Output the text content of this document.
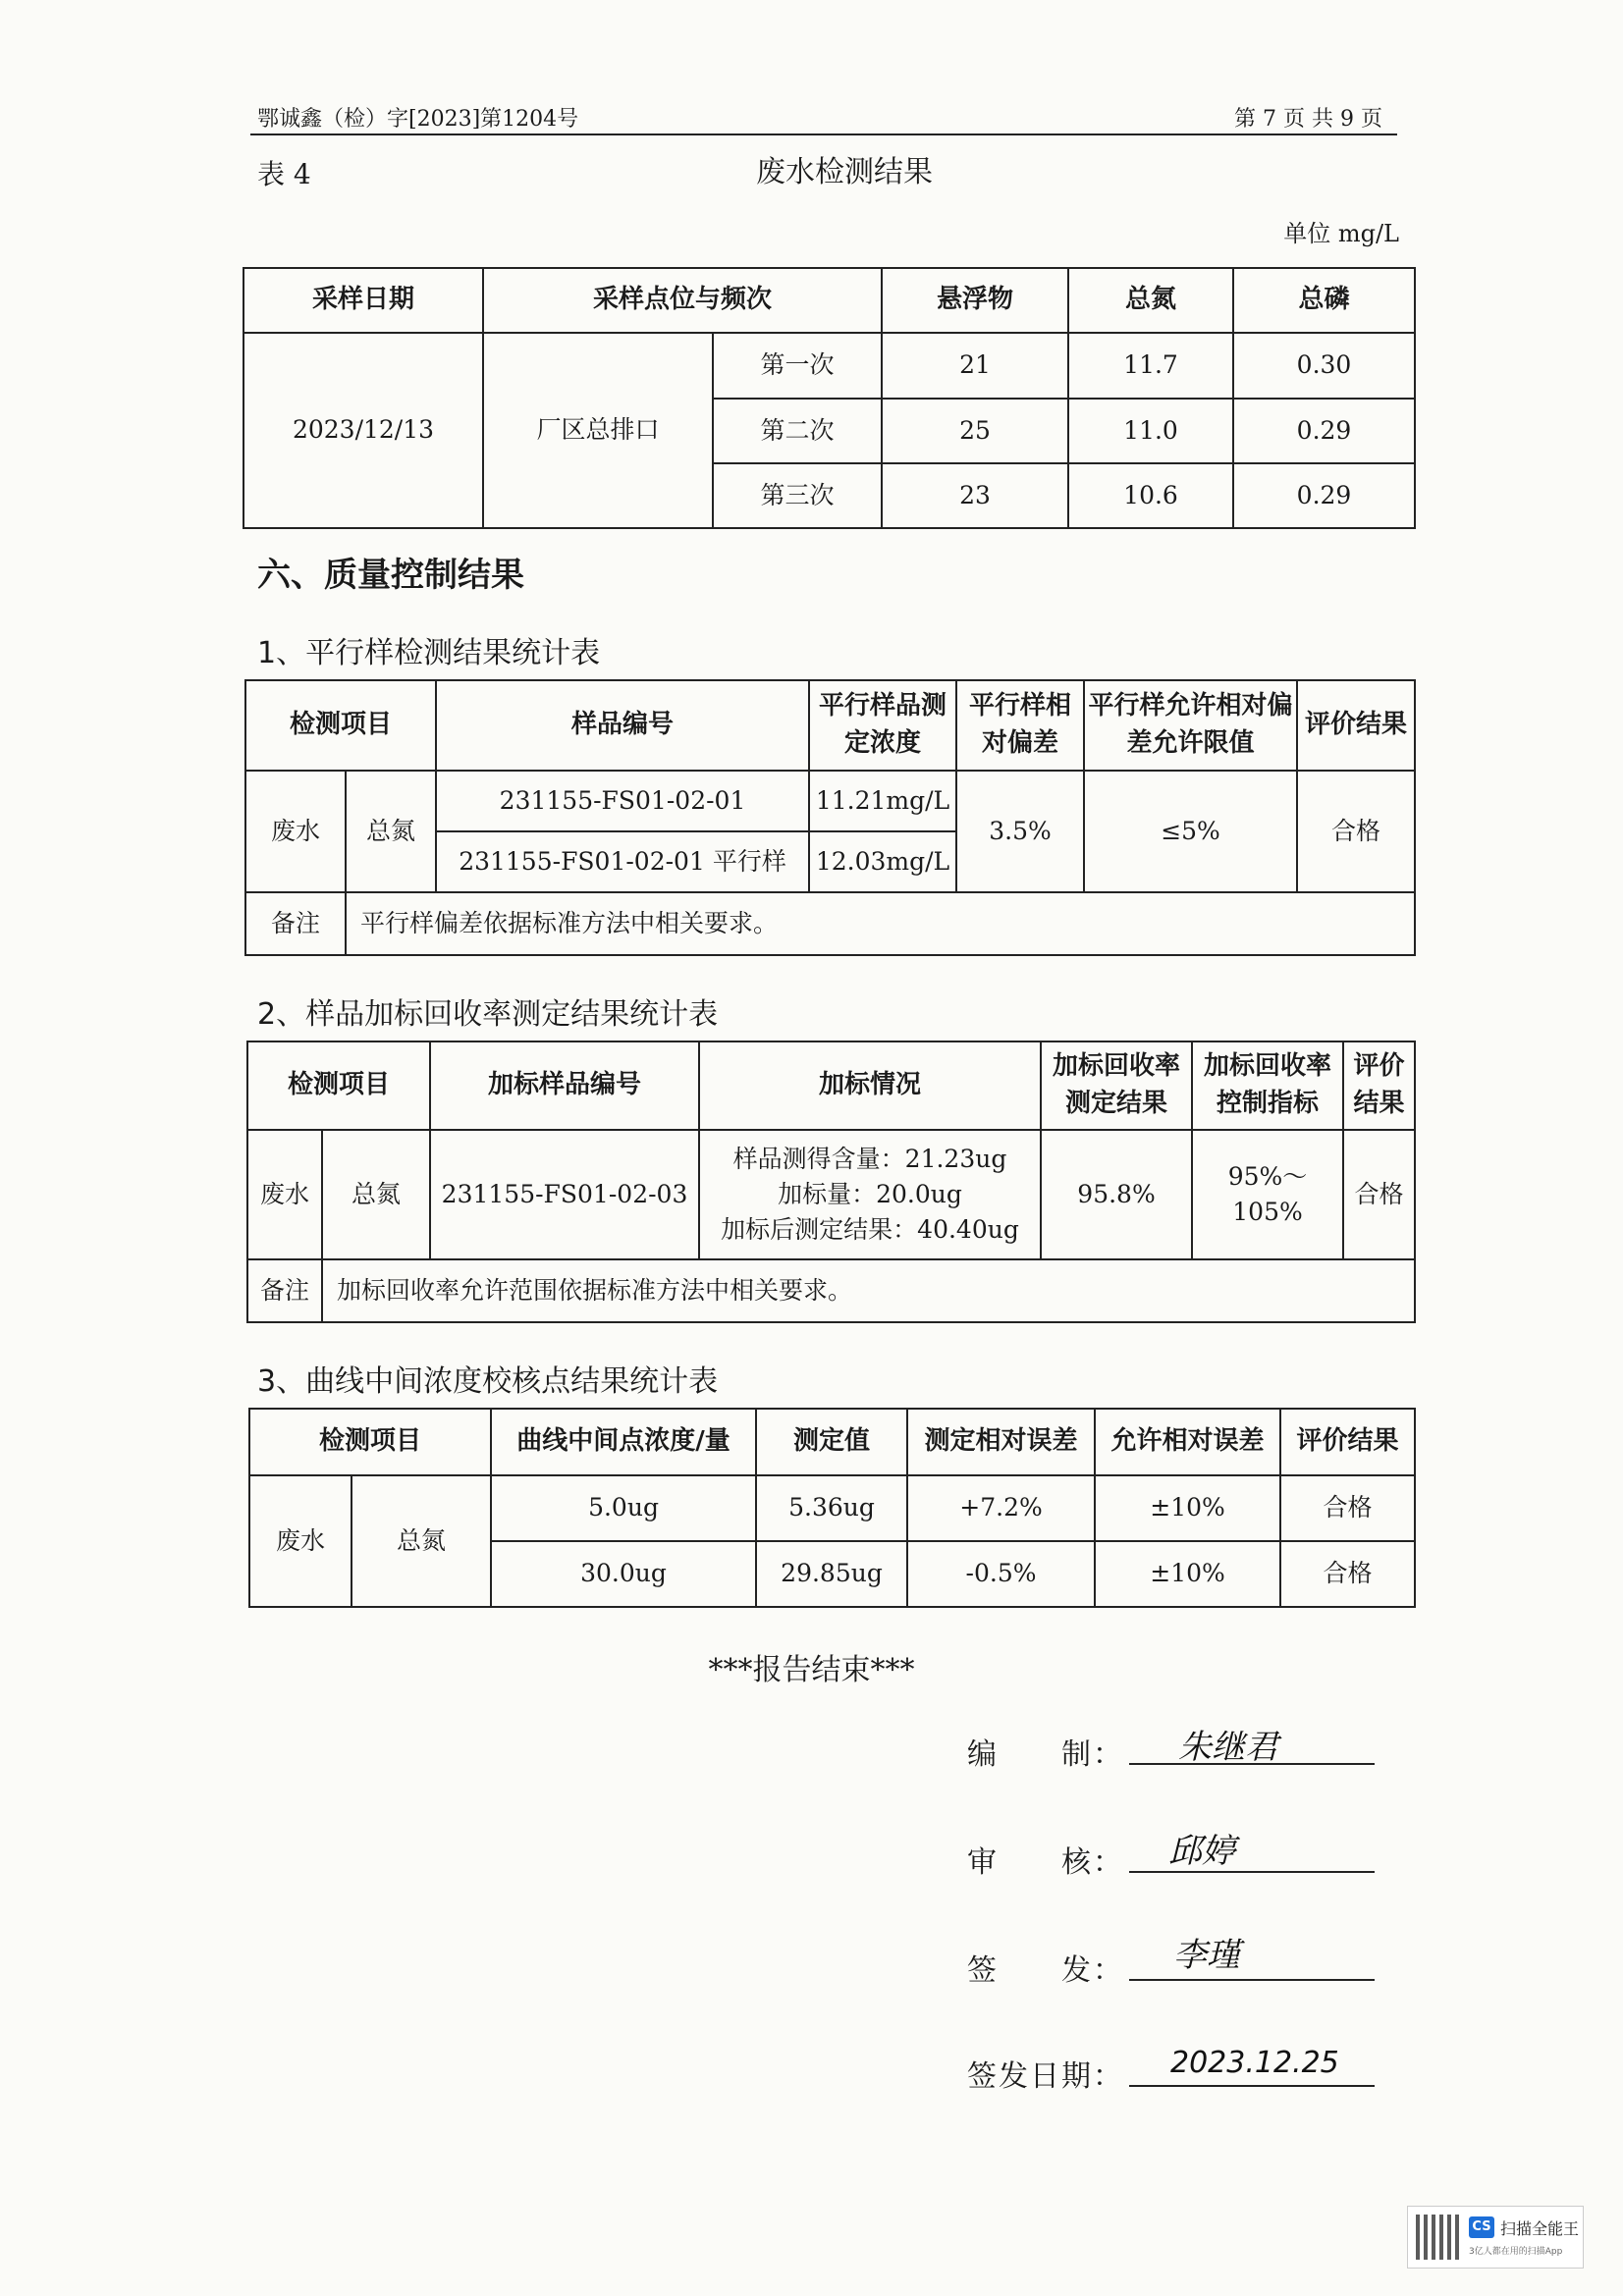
鄂诚鑫（检）字[2023]第1204号	第 7 页 共 9 页
表 4	废水检测结果
单位 mg/L
采样日期	采样点位与频次		悬浮物	总氮	总磷
2023/12/13	厂区总排口	第一次	21	11.7	0.30
		第二次	25	11.0	0.29
		第三次	23	10.6	0.29
六、质量控制结果
1、平行样检测结果统计表
检测项目		样品编号	平行样品测定浓度	平行样相对偏差	平行样允许相对偏差允许限值	评价结果
废水	总氮	231155-FS01-02-01	11.21mg/L	3.5%	≤5%	合格
		231155-FS01-02-01 平行样	12.03mg/L			
备注	平行样偏差依据标准方法中相关要求。					
2、样品加标回收率测定结果统计表
检测项目		加标样品编号	加标情况	加标回收率测定结果	加标回收率控制指标	评价结果
废水	总氮	231155-FS01-02-03	样品测得含量：21.23ug
加标量：20.0ug
加标后测定结果：40.40ug	95.8%	95%～105%	合格
备注	加标回收率允许范围依据标准方法中相关要求。					
3、曲线中间浓度校核点结果统计表
检测项目		曲线中间点浓度/量	测定值	测定相对误差	允许相对误差	评价结果
废水	总氮	5.0ug	5.36ug	+7.2%	±10%	合格
		30.0ug	29.85ug	-0.5%	±10%	合格
***报告结束***
编　　制： 朱继君
审　　核： 邱婷
签　　发： 李瑾
签发日期： 2023.12.25
CS 扫描全能王
3亿人都在用的扫描App
